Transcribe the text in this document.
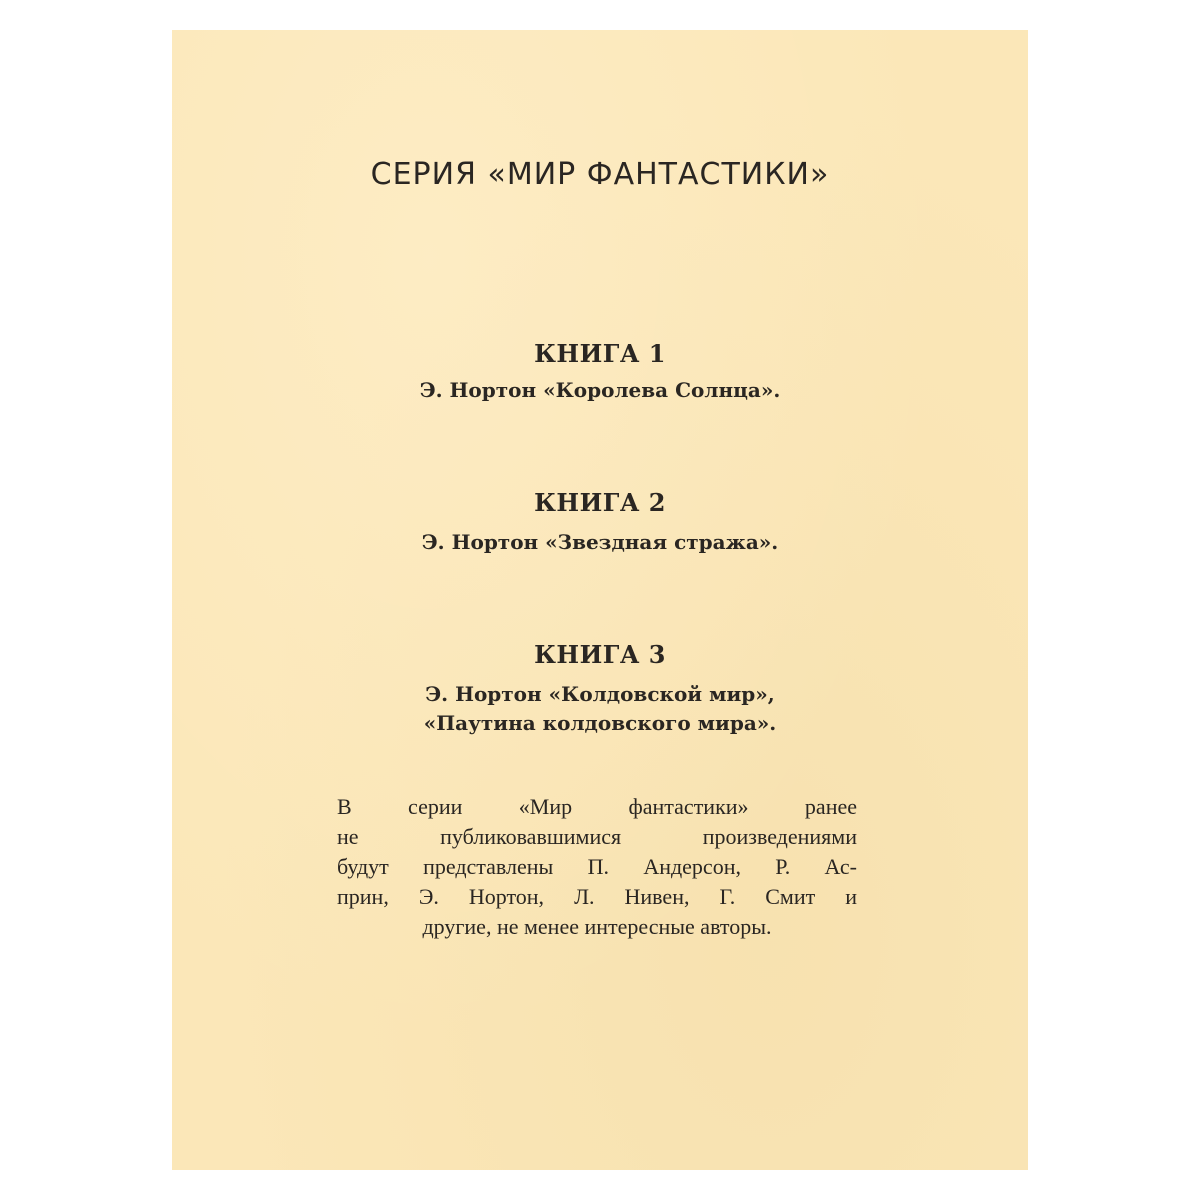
СЕРИЯ «МИР ФАНТАСТИКИ»
КНИГА 1
Э. Нортон «Королева Солнца».
КНИГА 2
Э. Нортон «Звездная стража».
КНИГА 3
Э. Нортон «Колдовской мир»,
«Паутина колдовского мира».
В серии «Мир фантастики» ранее
не публиковавшимися произведениями
будут представлены П. Андерсон, Р. Ас-
прин, Э. Нортон, Л. Нивен, Г. Смит и
другие, не менее интересные авторы.
